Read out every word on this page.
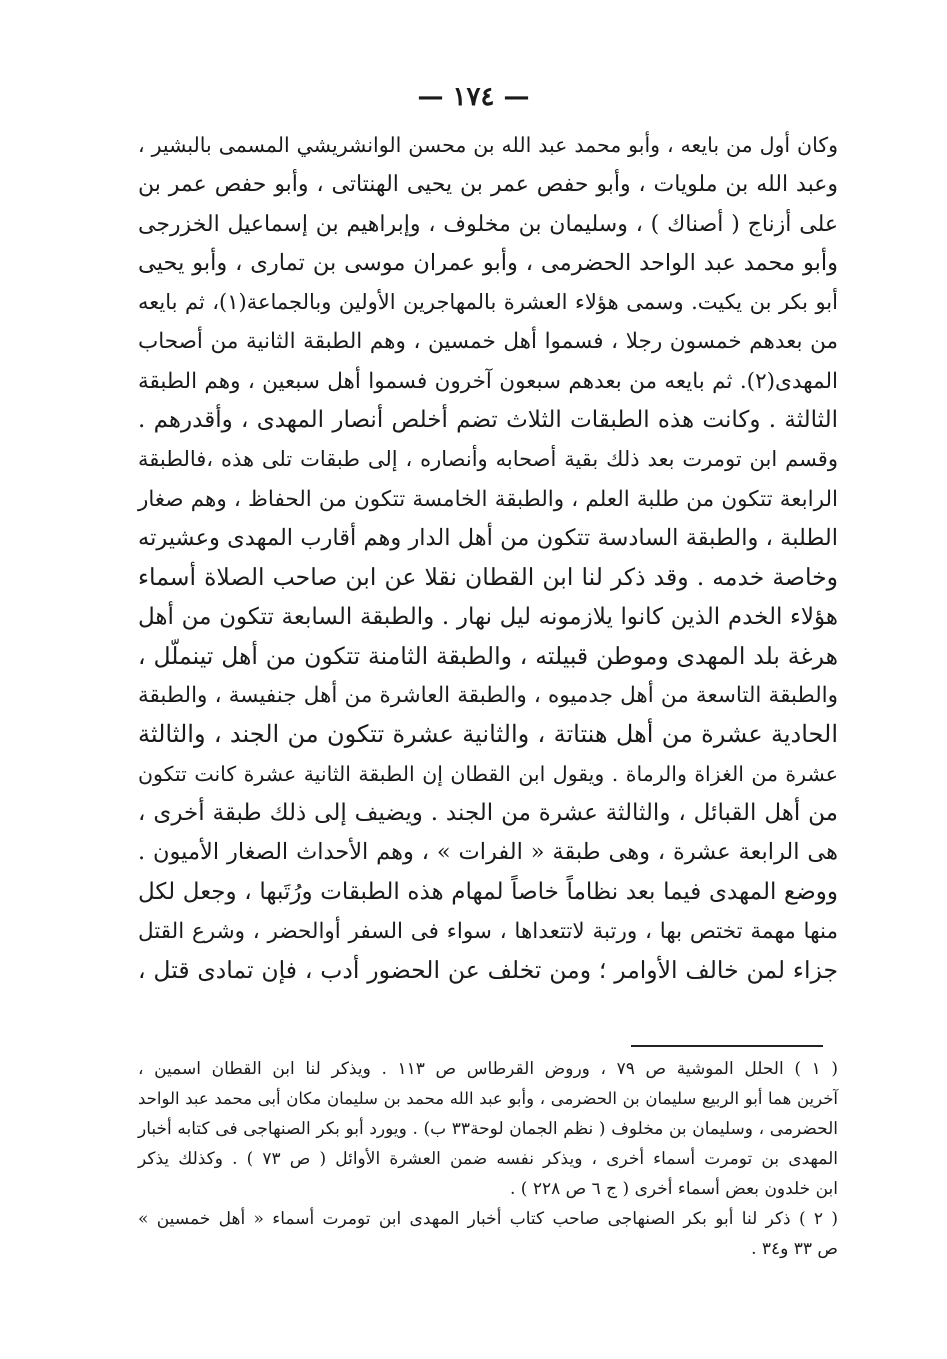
— ١٧٤ —
وكان أول من بايعه ، وأبو محمد عبد الله بن محسن الوانشريشي المسمى بالبشير ،
وعبد الله بن ملويات ، وأبو حفص عمر بن يحيى الهنتاتى ، وأبو حفص عمر بن
على أزناج ( أصناك ) ، وسليمان بن مخلوف ، وإبراهيم بن إسماعيل الخزرجى
وأبو محمد عبد الواحد الحضرمى ، وأبو عمران موسى بن تمارى ، وأبو يحيى
أبو بكر بن يكيت. وسمى هؤلاء العشرة بالمهاجرين الأولين وبالجماعة(١)، ثم بايعه
من بعدهم خمسون رجلا ، فسموا أهل خمسين ، وهم الطبقة الثانية من أصحاب
المهدى(٢). ثم بايعه من بعدهم سبعون آخرون فسموا أهل سبعين ، وهم الطبقة
الثالثة . وكانت هذه الطبقات الثلاث تضم أخلص أنصار المهدى ، وأقدرهم .
وقسم ابن تومرت بعد ذلك بقية أصحابه وأنصاره ، إلى طبقات تلى هذه ،فالطبقة
الرابعة تتكون من طلبة العلم ، والطبقة الخامسة تتكون من الحفاظ ، وهم صغار
الطلبة ، والطبقة السادسة تتكون من أهل الدار وهم أقارب المهدى وعشيرته
وخاصة خدمه . وقد ذكر لنا ابن القطان نقلا عن ابن صاحب الصلاة أسماء
هؤلاء الخدم الذين كانوا يلازمونه ليل نهار . والطبقة السابعة تتكون من أهل
هرغة بلد المهدى وموطن قبيلته ، والطبقة الثامنة تتكون من أهل تينملّل ،
والطبقة التاسعة من أهل جدميوه ، والطبقة العاشرة من أهل جنفيسة ، والطبقة
الحادية عشرة من أهل هنتاتة ، والثانية عشرة تتكون من الجند ، والثالثة
عشرة من الغزاة والرماة . ويقول ابن القطان إن الطبقة الثانية عشرة كانت تتكون
من أهل القبائل ، والثالثة عشرة من الجند . ويضيف إلى ذلك طبقة أخرى ،
هى الرابعة عشرة ، وهى طبقة « الفرات » ، وهم الأحداث الصغار الأميون .
ووضع المهدى فيما بعد نظاماً خاصاً لمهام هذه الطبقات ورُتَبها ، وجعل لكل
منها مهمة تختص بها ، ورتبة لاتتعداها ، سواء فى السفر أوالحضر ، وشرع القتل
جزاء لمن خالف الأوامر ؛ ومن تخلف عن الحضور أدب ، فإن تمادى قتل ،
( ١ ) الحلل الموشية ص ٧٩ ، وروض القرطاس ص ١١٣ . ويذكر لنا ابن القطان اسمين ،
آخرين هما أبو الربيع سليمان بن الحضرمى ، وأبو عبد الله محمد بن سليمان مكان أبى محمد عبد الواحد
الحضرمى ، وسليمان بن مخلوف ( نظم الجمان لوحة٣٣ ب) . ويورد أبو بكر الصنهاجى فى كتابه أخبار
المهدى بن تومرت أسماء أخرى ، ويذكر نفسه ضمن العشرة الأوائل ( ص ٧٣ ) . وكذلك يذكر
ابن خلدون بعض أسماء أخرى ( ج ٦ ص ٢٢٨ ) .
( ٢ ) ذكر لنا أبو بكر الصنهاجى صاحب كتاب أخبار المهدى ابن تومرت أسماء « أهل خمسين »
ص ٣٣ و٣٤ .
